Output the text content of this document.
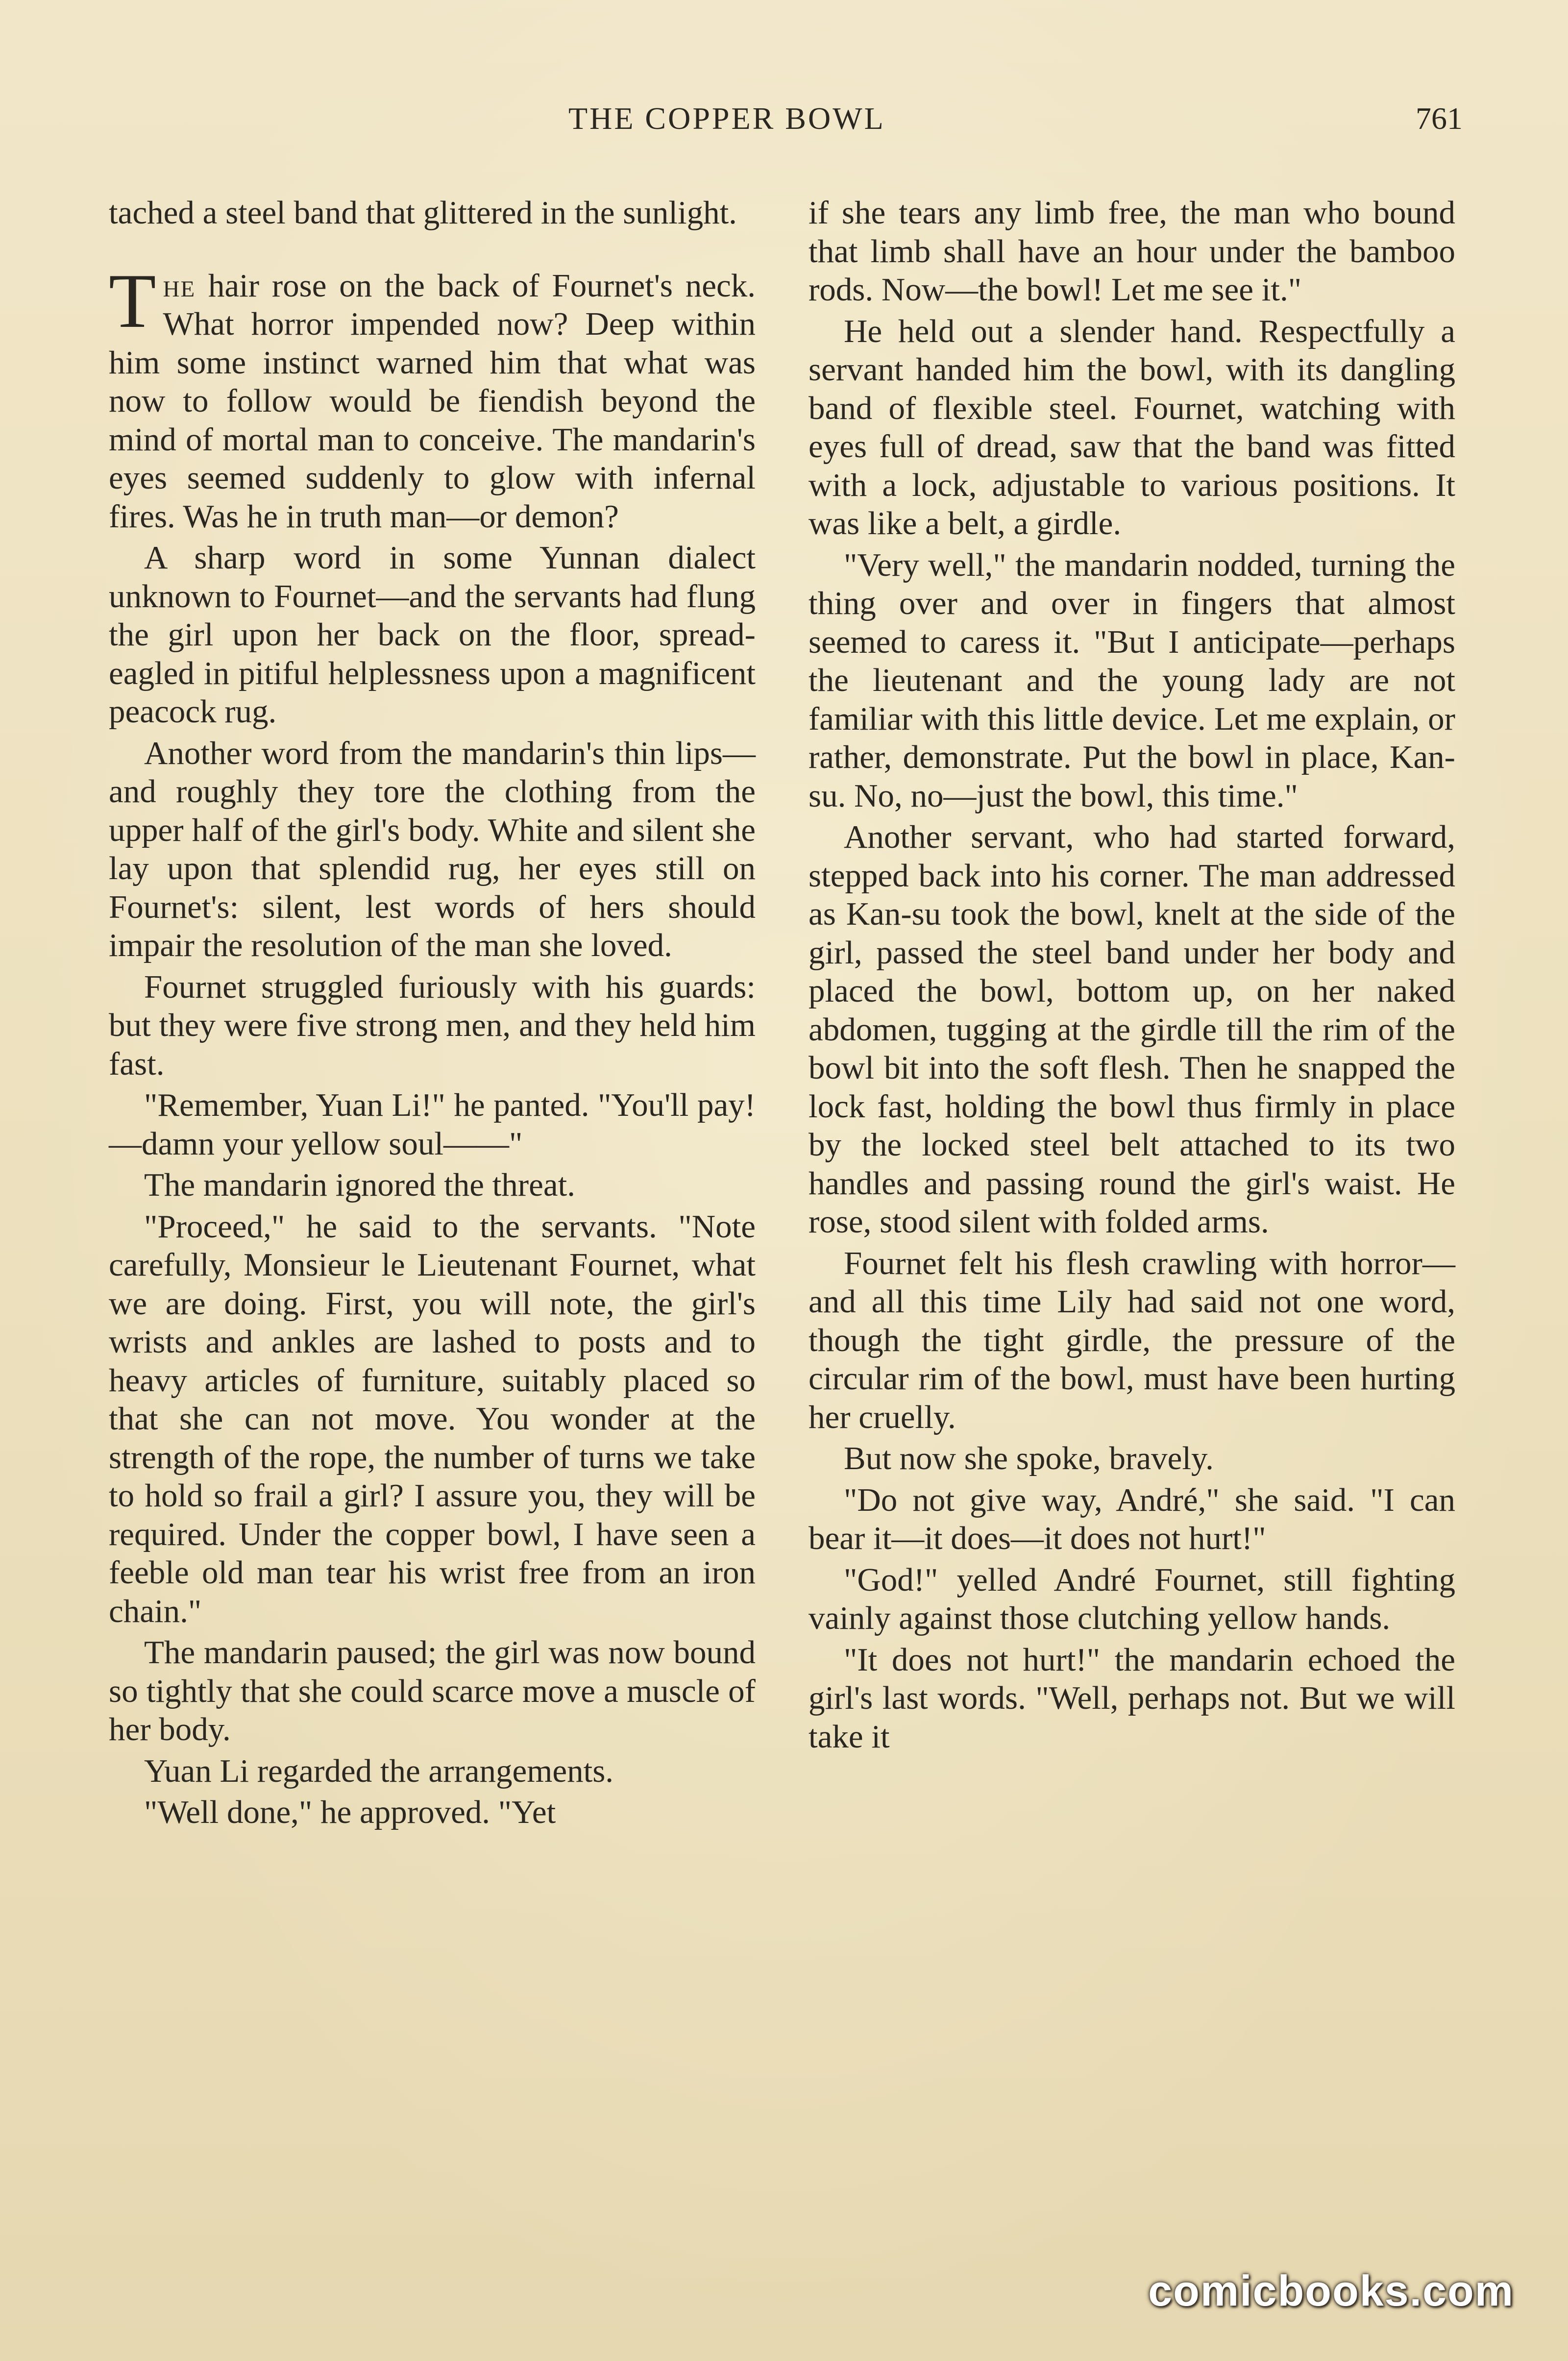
THE COPPER BOWL	761

tached a steel band that glittered in the sunlight.

The hair rose on the back of Fournet's neck. What horror impended now? Deep within him some instinct warned him that what was now to follow would be fiendish beyond the mind of mortal man to conceive. The mandarin's eyes seemed suddenly to glow with infernal fires. Was he in truth man—or demon?

A sharp word in some Yunnan dialect unknown to Fournet—and the servants had flung the girl upon her back on the floor, spread-eagled in pitiful helplessness upon a magnificent peacock rug.

Another word from the mandarin's thin lips—and roughly they tore the clothing from the upper half of the girl's body. White and silent she lay upon that splendid rug, her eyes still on Fournet's: silent, lest words of hers should impair the resolution of the man she loved.

Fournet struggled furiously with his guards: but they were five strong men, and they held him fast.

"Remember, Yuan Li!" he panted. "You'll pay!—damn your yellow soul——"

The mandarin ignored the threat.

"Proceed," he said to the servants. "Note carefully, Monsieur le Lieutenant Fournet, what we are doing. First, you will note, the girl's wrists and ankles are lashed to posts and to heavy articles of furniture, suitably placed so that she can not move. You wonder at the strength of the rope, the number of turns we take to hold so frail a girl? I assure you, they will be required. Under the copper bowl, I have seen a feeble old man tear his wrist free from an iron chain."

The mandarin paused; the girl was now bound so tightly that she could scarce move a muscle of her body.

Yuan Li regarded the arrangements.

"Well done," he approved. "Yet

if she tears any limb free, the man who bound that limb shall have an hour under the bamboo rods. Now—the bowl! Let me see it."

He held out a slender hand. Respectfully a servant handed him the bowl, with its dangling band of flexible steel. Fournet, watching with eyes full of dread, saw that the band was fitted with a lock, adjustable to various positions. It was like a belt, a girdle.

"Very well," the mandarin nodded, turning the thing over and over in fingers that almost seemed to caress it. "But I anticipate—perhaps the lieutenant and the young lady are not familiar with this little device. Let me explain, or rather, demonstrate. Put the bowl in place, Kan-su. No, no—just the bowl, this time."

Another servant, who had started forward, stepped back into his corner. The man addressed as Kan-su took the bowl, knelt at the side of the girl, passed the steel band under her body and placed the bowl, bottom up, on her naked abdomen, tugging at the girdle till the rim of the bowl bit into the soft flesh. Then he snapped the lock fast, holding the bowl thus firmly in place by the locked steel belt attached to its two handles and passing round the girl's waist. He rose, stood silent with folded arms.

Fournet felt his flesh crawling with horror—and all this time Lily had said not one word, though the tight girdle, the pressure of the circular rim of the bowl, must have been hurting her cruelly.

But now she spoke, bravely.

"Do not give way, André," she said. "I can bear it—it does—it does not hurt!"

"God!" yelled André Fournet, still fighting vainly against those clutching yellow hands.

"It does not hurt!" the mandarin echoed the girl's last words. "Well, perhaps not. But we will take it

comicbooks.com
